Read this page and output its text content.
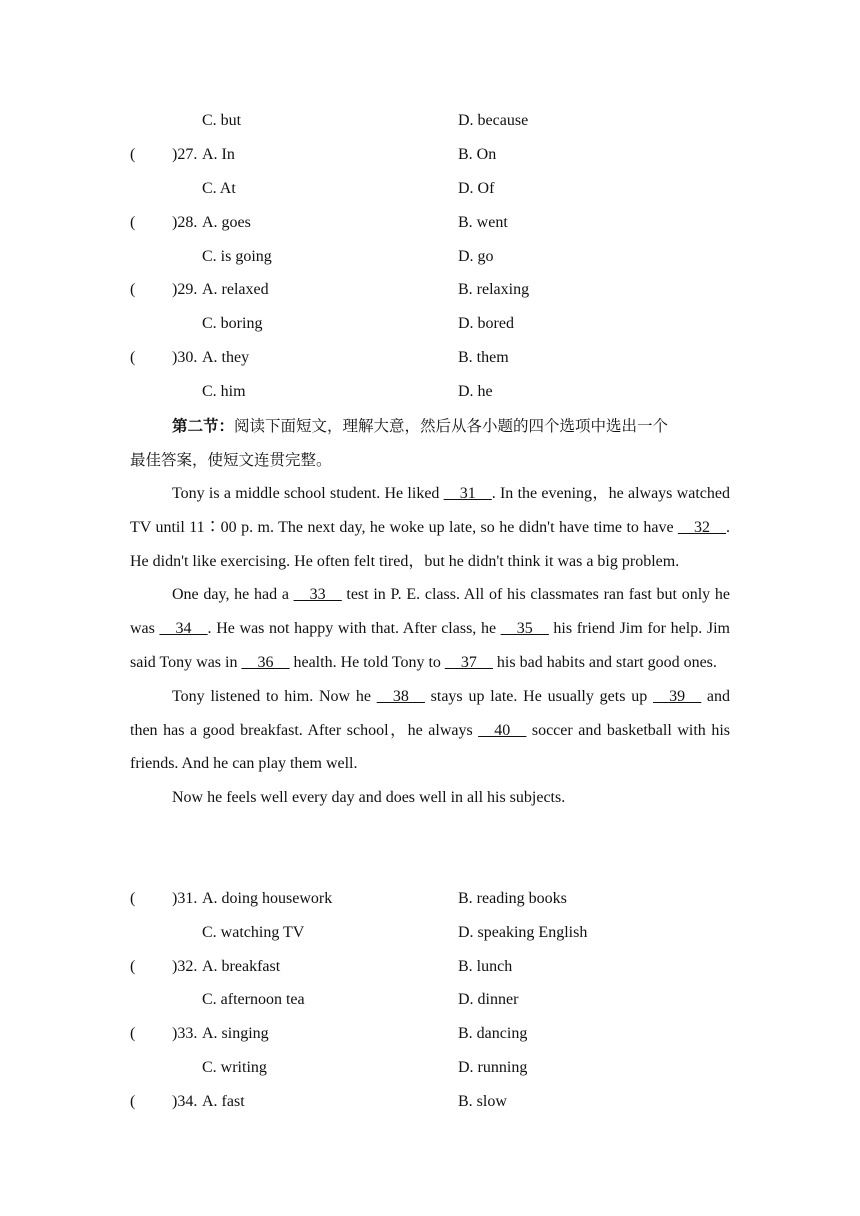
C. but	D. because
( )27. A. In	B. On
C. At	D. Of
( )28. A. goes	B. went
C. is going	D. go
( )29. A. relaxed	B. relaxing
C. boring	D. bored
( )30. A. they	B. them
C. him	D. he
第二节：阅读下面短文，理解大意，然后从各小题的四个选项中选出一个
最佳答案，使短文连贯完整。

Tony is a middle school student. He liked __31__. In the evening，he always watched TV until 11∶00 p. m. The next day, he woke up late, so he didn't have time to have __32__. He didn't like exercising. He often felt tired，but he didn't think it was a big problem.

One day, he had a __33__ test in P. E. class. All of his classmates ran fast but only he was __34__. He was not happy with that. After class, he __35__ his friend Jim for help. Jim said Tony was in __36__ health. He told Tony to __37__ his bad habits and start good ones.

Tony listened to him. Now he __38__ stays up late. He usually gets up __39__ and then has a good breakfast. After school，he always __40__ soccer and basketball with his friends. And he can play them well.

Now he feels well every day and does well in all his subjects.

( )31. A. doing housework	B. reading books
C. watching TV	D. speaking English
( )32. A. breakfast	B. lunch
C. afternoon tea	D. dinner
( )33. A. singing	B. dancing
C. writing	D. running
( )34. A. fast	B. slow
